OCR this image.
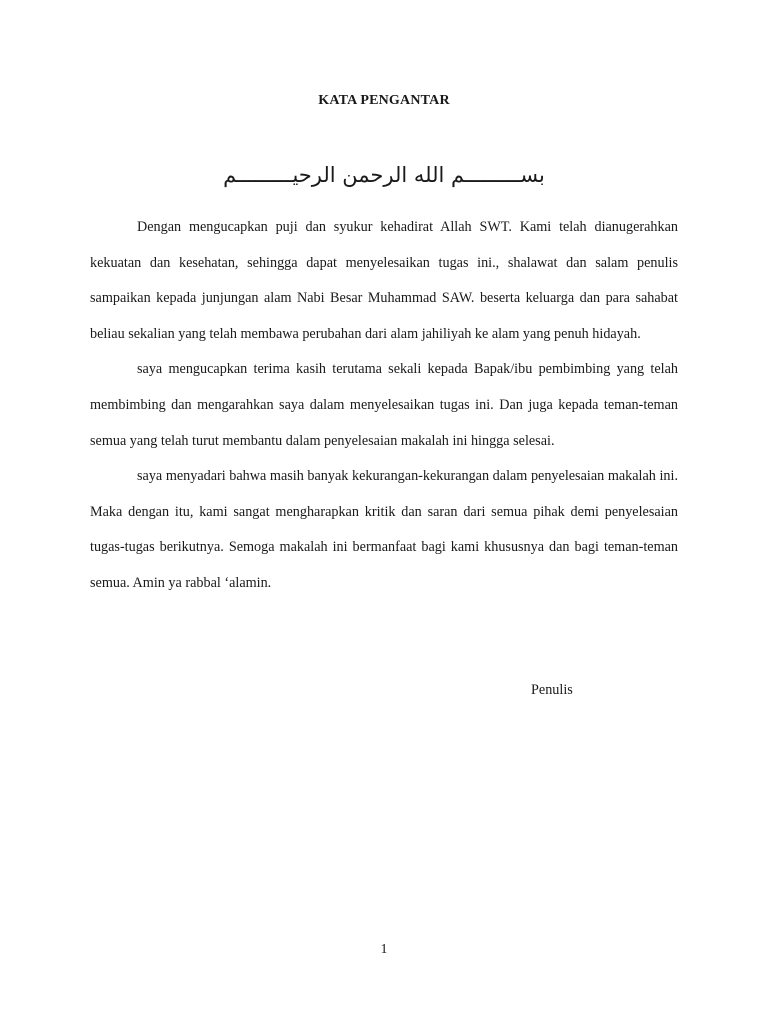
KATA PENGANTAR
بســـــــــم الله الرحمن الرحيـــــــــم

Dengan mengucapkan puji dan syukur kehadirat Allah SWT. Kami telah dianugerahkan kekuatan dan kesehatan, sehingga dapat menyelesaikan tugas ini., shalawat dan salam penulis sampaikan kepada junjungan alam Nabi Besar Muhammad SAW. beserta keluarga dan para sahabat beliau sekalian yang telah membawa perubahan dari alam jahiliyah ke alam yang penuh hidayah.

saya mengucapkan terima kasih terutama sekali kepada Bapak/ibu pembimbing yang telah membimbing dan mengarahkan saya dalam menyelesaikan tugas ini. Dan juga kepada teman-teman semua yang telah turut membantu dalam penyelesaian makalah ini hingga selesai.

saya menyadari bahwa masih banyak kekurangan-kekurangan dalam penyelesaian makalah ini. Maka dengan itu, kami sangat mengharapkan kritik dan saran dari semua pihak demi penyelesaian tugas-tugas berikutnya. Semoga makalah ini bermanfaat bagi kami khususnya dan bagi teman-teman semua. Amin ya rabbal ‘alamin.

Penulis
1
